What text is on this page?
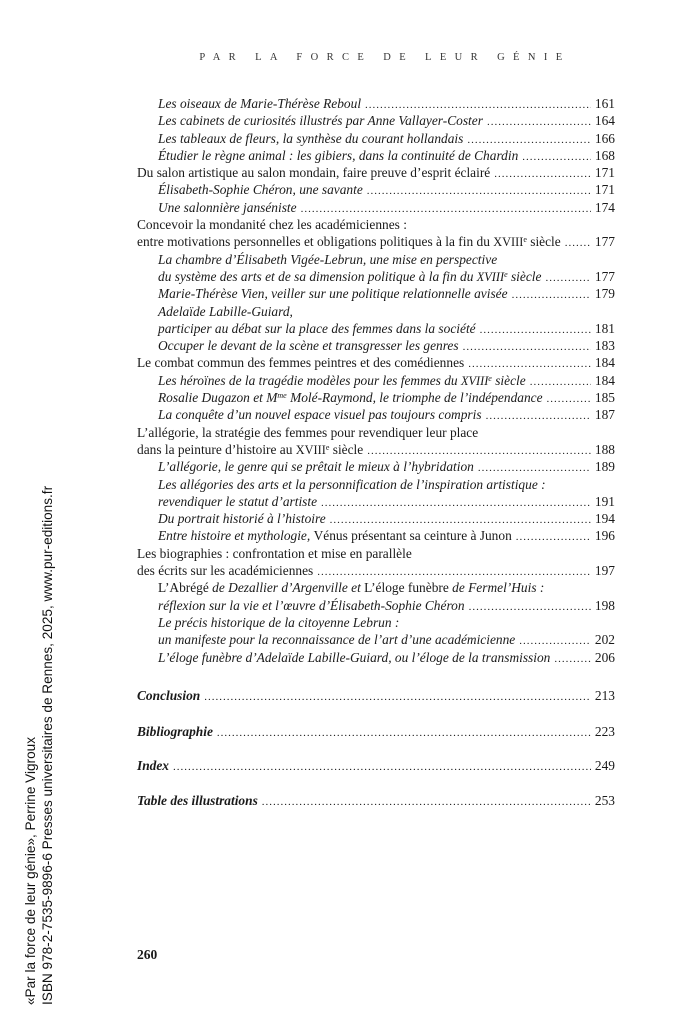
PAR LA FORCE DE LEUR GÉNIE
Les oiseaux de Marie-Thérèse Reboul .....	161
Les cabinets de curiosités illustrés par Anne Vallayer-Coster .....	164
Les tableaux de fleurs, la synthèse du courant hollandais .....	166
Étudier le règne animal : les gibiers, dans la continuité de Chardin .....	168
Du salon artistique au salon mondain, faire preuve d’esprit éclairé .....	171
Élisabeth-Sophie Chéron, une savante .....	171
Une salonnière janséniste .....	174
Concevoir la mondanité chez les académiciennes :
entre motivations personnelles et obligations politiques à la fin du XVIIIe siècle .....	177
La chambre d’Élisabeth Vigée-Lebrun, une mise en perspective
du système des arts et de sa dimension politique à la fin du XVIIIe siècle .....	177
Marie-Thérèse Vien, veiller sur une politique relationnelle avisée .....	179
Adelaïde Labille-Guiard,
participer au débat sur la place des femmes dans la société .....	181
Occuper le devant de la scène et transgresser les genres .....	183
Le combat commun des femmes peintres et des comédiennes .....	184
Les héroïnes de la tragédie modèles pour les femmes du XVIIIe siècle .....	184
Rosalie Dugazon et $M^{me}$ Molé-Raymond, le triomphe de l’indépendance .....	185
La conquête d’un nouvel espace visuel pas toujours compris .....	187
L’allégorie, la stratégie des femmes pour revendiquer leur place
dans la peinture d’histoire au XVIIIe siècle .....	188
L’allégorie, le genre qui se prêtait le mieux à l’hybridation .....	189
Les allégories des arts et la personnification de l’inspiration artistique :
revendiquer le statut d’artiste .....	191
Du portrait historié à l’histoire .....	194
Entre histoire et mythologie, Vénus présentant sa ceinture à Junon .....	196
Les biographies : confrontation et mise en parallèle
des écrits sur les académiciennes .....	197
L’Abrégé de Dezallier d’Argenville et L’éloge funèbre de Fermel’Huis :
réflexion sur la vie et l’œuvre d’Élisabeth-Sophie Chéron .....	198
Le précis historique de la citoyenne Lebrun :
un manifeste pour la reconnaissance de l’art d’une académicienne .....	202
L’éloge funèbre d’Adelaïde Labille-Guiard, ou l’éloge de la transmission .....	206
Conclusion .....	213
Bibliographie .....	223
Index .....	249
Table des illustrations .....	253
260
«Par la force de leur génie», Perrine Vigroux ISBN 978-2-7535-9896-6 Presses universitaires de Rennes, 2025, www.pur-editions.fr
